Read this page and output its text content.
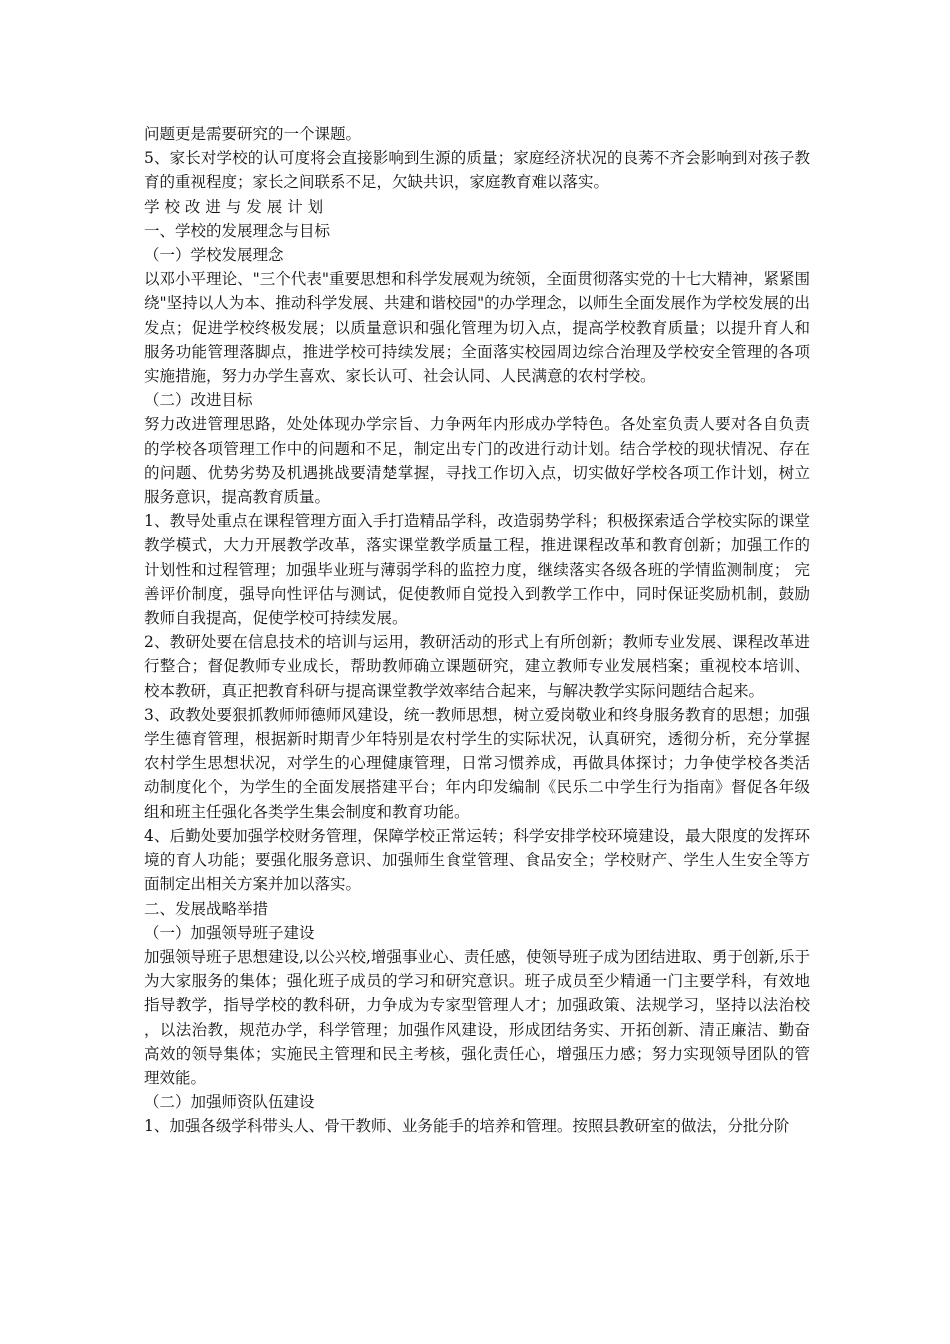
问题更是需要研究的一个课题。

5、家长对学校的认可度将会直接影响到生源的质量；家庭经济状况的良莠不齐会影响到对孩子教育的重视程度；家长之间联系不足，欠缺共识，家庭教育难以落实。

学校改进与发展计划

一、学校的发展理念与目标

（一）学校发展理念

以邓小平理论、"三个代表"重要思想和科学发展观为统领，全面贯彻落实党的十七大精神，紧紧围绕"坚持以人为本、推动科学发展、共建和谐校园"的办学理念，以师生全面发展作为学校发展的出发点；促进学校终极发展；以质量意识和强化管理为切入点，提高学校教育质量；以提升育人和服务功能管理落脚点，推进学校可持续发展；全面落实校园周边综合治理及学校安全管理的各项实施措施，努力办学生喜欢、家长认可、社会认同、人民满意的农村学校。

（二）改进目标

努力改进管理思路，处处体现办学宗旨、力争两年内形成办学特色。各处室负责人要对各自负责的学校各项管理工作中的问题和不足，制定出专门的改进行动计划。结合学校的现状情况、存在的问题、优势劣势及机遇挑战要清楚掌握，寻找工作切入点，切实做好学校各项工作计划，树立服务意识，提高教育质量。

1、教导处重点在课程管理方面入手打造精品学科，改造弱势学科；积极探索适合学校实际的课堂教学模式，大力开展教学改革，落实课堂教学质量工程，推进课程改革和教育创新；加强工作的计划性和过程管理；加强毕业班与薄弱学科的监控力度，继续落实各级各班的学情监测制度； 完善评价制度，强导向性评估与测试，促使教师自觉投入到教学工作中，同时保证奖励机制，鼓励教师自我提高，促使学校可持续发展。

2、教研处要在信息技术的培训与运用，教研活动的形式上有所创新；教师专业发展、课程改革进行整合；督促教师专业成长，帮助教师确立课题研究，建立教师专业发展档案；重视校本培训、校本教研，真正把教育科研与提高课堂教学效率结合起来，与解决教学实际问题结合起来。

3、政教处要狠抓教师师德师风建设，统一教师思想，树立爱岗敬业和终身服务教育的思想；加强学生德育管理，根据新时期青少年特别是农村学生的实际状况，认真研究，透彻分析，充分掌握农村学生思想状况，对学生的心理健康管理，日常习惯养成，再做具体探讨；力争使学校各类活动制度化个，为学生的全面发展搭建平台；年内印发编制《民乐二中学生行为指南》督促各年级组和班主任强化各类学生集会制度和教育功能。

4、后勤处要加强学校财务管理，保障学校正常运转；科学安排学校环境建设，最大限度的发挥环境的育人功能；要强化服务意识、加强师生食堂管理、食品安全；学校财产、学生人生安全等方面制定出相关方案并加以落实。

二、发展战略举措

（一）加强领导班子建设

加强领导班子思想建设,以公兴校,增强事业心、责任感，使领导班子成为团结进取、勇于创新,乐于为大家服务的集体；强化班子成员的学习和研究意识。班子成员至少精通一门主要学科，有效地指导教学，指导学校的教科研，力争成为专家型管理人才；加强政策、法规学习，坚持以法治校，以法治教，规范办学，科学管理；加强作风建设，形成团结务实、开拓创新、清正廉洁、勤奋高效的领导集体；实施民主管理和民主考核，强化责任心，增强压力感；努力实现领导团队的管理效能。

（二）加强师资队伍建设

1、加强各级学科带头人、骨干教师、业务能手的培养和管理。按照县教研室的做法，分批分阶
